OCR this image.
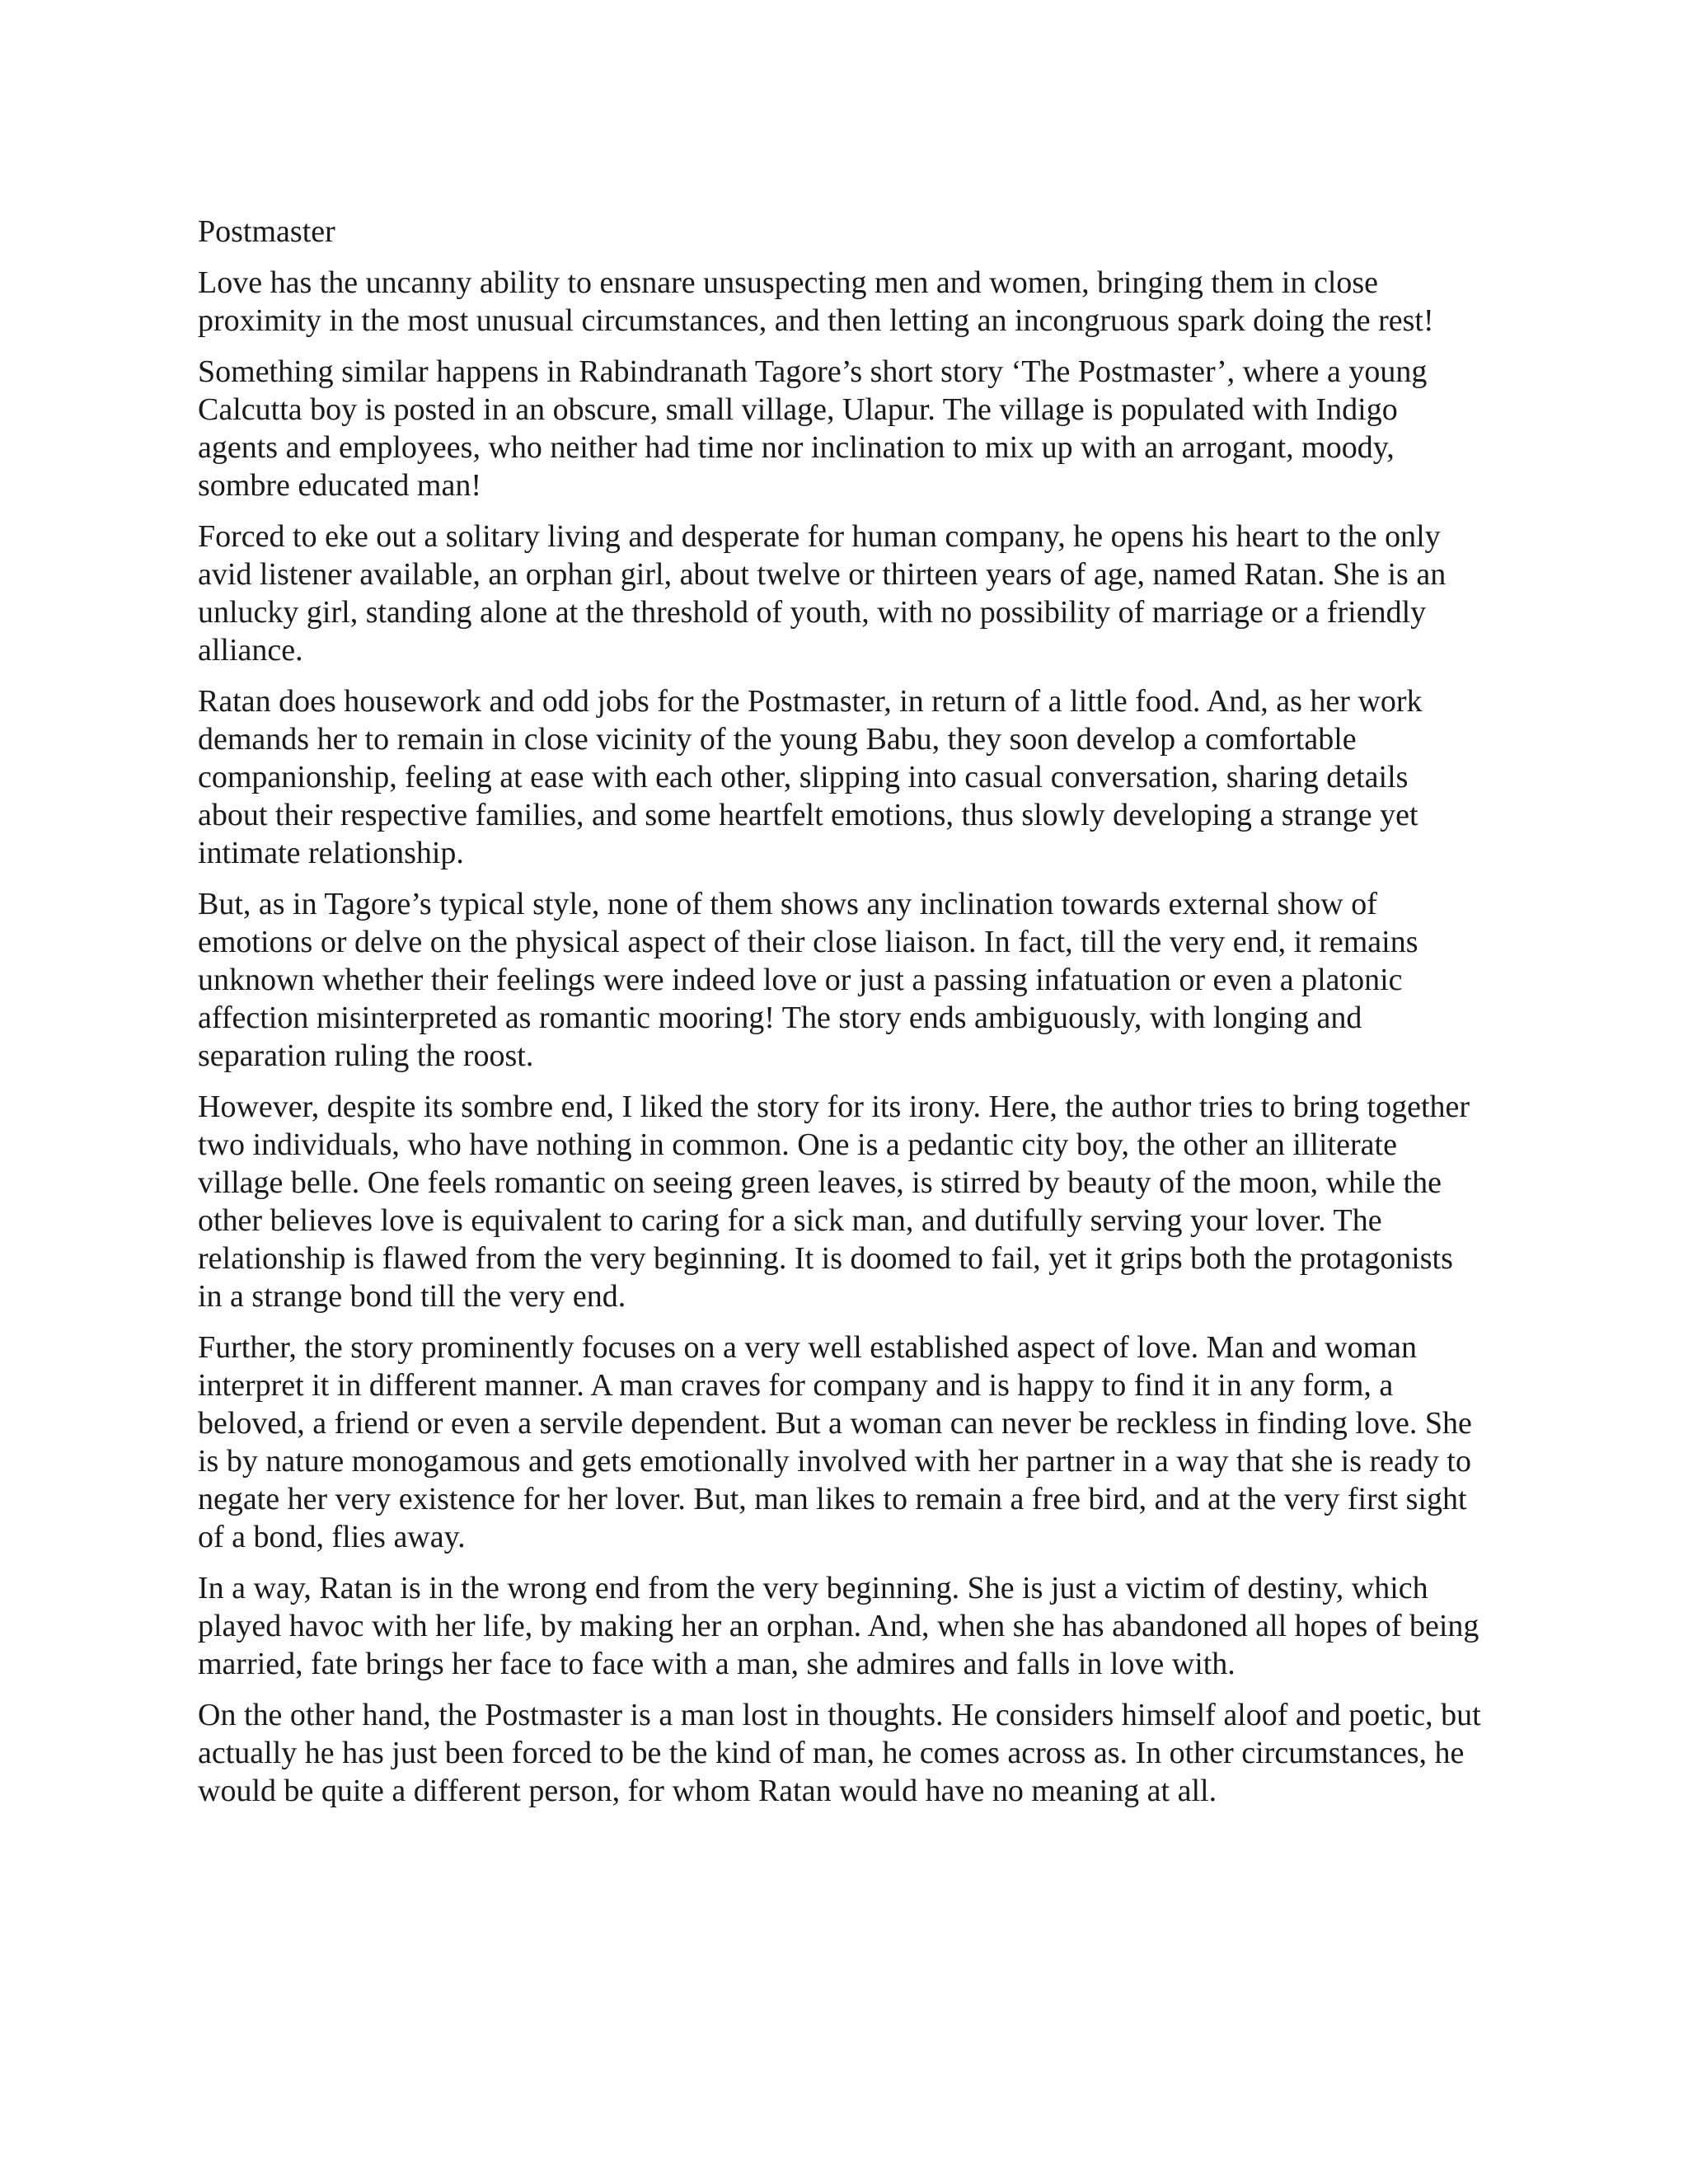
Postmaster

Love has the uncanny ability to ensnare unsuspecting men and women, bringing them in close proximity in the most unusual circumstances, and then letting an incongruous spark doing the rest!

Something similar happens in Rabindranath Tagore’s short story ‘The Postmaster’, where a young Calcutta boy is posted in an obscure, small village, Ulapur. The village is populated with Indigo agents and employees, who neither had time nor inclination to mix up with an arrogant, moody, sombre educated man!

Forced to eke out a solitary living and desperate for human company, he opens his heart to the only avid listener available, an orphan girl, about twelve or thirteen years of age, named Ratan. She is an unlucky girl, standing alone at the threshold of youth, with no possibility of marriage or a friendly alliance.

Ratan does housework and odd jobs for the Postmaster, in return of a little food. And, as her work demands her to remain in close vicinity of the young Babu, they soon develop a comfortable companionship, feeling at ease with each other, slipping into casual conversation, sharing details about their respective families, and some heartfelt emotions, thus slowly developing a strange yet intimate relationship.

But, as in Tagore’s typical style, none of them shows any inclination towards external show of emotions or delve on the physical aspect of their close liaison. In fact, till the very end, it remains unknown whether their feelings were indeed love or just a passing infatuation or even a platonic affection misinterpreted as romantic mooring! The story ends ambiguously, with longing and separation ruling the roost.

However, despite its sombre end, I liked the story for its irony. Here, the author tries to bring together two individuals, who have nothing in common. One is a pedantic city boy, the other an illiterate village belle. One feels romantic on seeing green leaves, is stirred by beauty of the moon, while the other believes love is equivalent to caring for a sick man, and dutifully serving your lover. The relationship is flawed from the very beginning. It is doomed to fail, yet it grips both the protagonists in a strange bond till the very end.

Further, the story prominently focuses on a very well established aspect of love. Man and woman interpret it in different manner. A man craves for company and is happy to find it in any form, a beloved, a friend or even a servile dependent. But a woman can never be reckless in finding love. She is by nature monogamous and gets emotionally involved with her partner in a way that she is ready to negate her very existence for her lover. But, man likes to remain a free bird, and at the very first sight of a bond, flies away.

In a way, Ratan is in the wrong end from the very beginning. She is just a victim of destiny, which played havoc with her life, by making her an orphan. And, when she has abandoned all hopes of being married, fate brings her face to face with a man, she admires and falls in love with.

On the other hand, the Postmaster is a man lost in thoughts. He considers himself aloof and poetic, but actually he has just been forced to be the kind of man, he comes across as. In other circumstances, he would be quite a different person, for whom Ratan would have no meaning at all.
